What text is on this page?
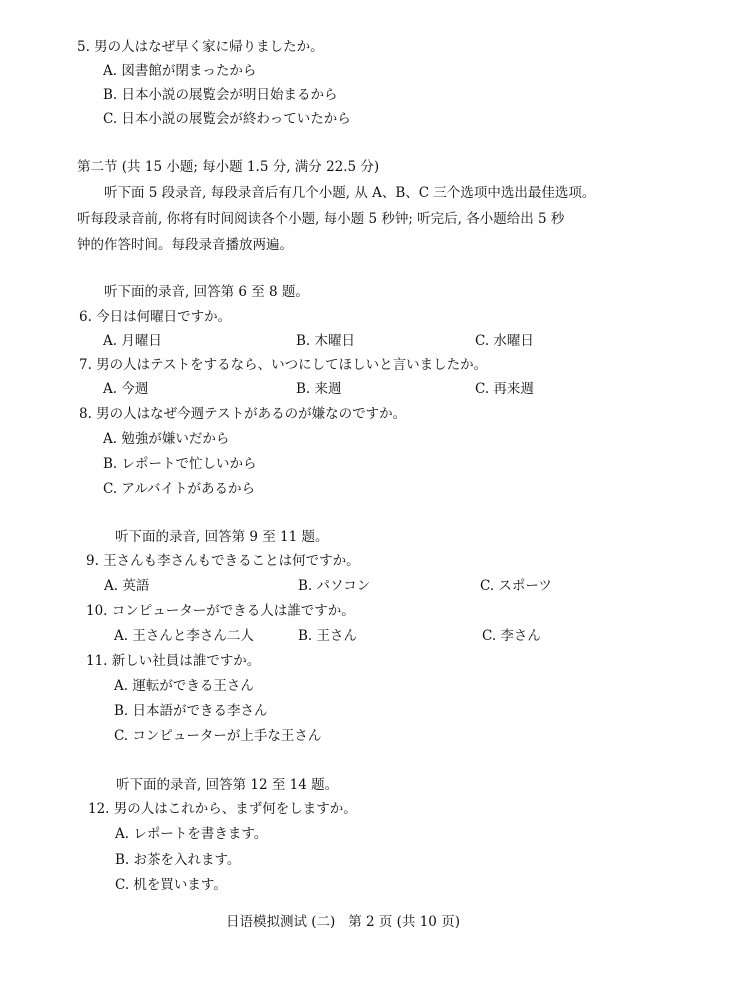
5. 男の人はなぜ早く家に帰りましたか。
A. 図書館が閉まったから
B. 日本小説の展覧会が明日始まるから
C. 日本小説の展覧会が終わっていたから
第二节 (共 15 小题; 每小题 1.5 分, 满分 22.5 分)
听下面 5 段录音, 每段录音后有几个小题, 从 A、B、C 三个选项中选出最佳选项。
听每段录音前, 你将有时间阅读各个小题, 每小题 5 秒钟; 听完后, 各小题给出 5 秒
钟的作答时间。每段录音播放两遍。
听下面的录音, 回答第 6 至 8 题。
6. 今日は何曜日ですか。
A. 月曜日	B. 木曜日	C. 水曜日
7. 男の人はテストをするなら、いつにしてほしいと言いましたか。
A. 今週	B. 来週	C. 再来週
8. 男の人はなぜ今週テストがあるのが嫌なのですか。
A. 勉強が嫌いだから
B. レポートで忙しいから
C. アルバイトがあるから
听下面的录音, 回答第 9 至 11 题。
9. 王さんも李さんもできることは何ですか。
A. 英語	B. パソコン	C. スポーツ
10. コンピューターができる人は誰ですか。
A. 王さんと李さん二人	B. 王さん	C. 李さん
11. 新しい社員は誰ですか。
A. 運転ができる王さん
B. 日本語ができる李さん
C. コンピューターが上手な王さん
听下面的录音, 回答第 12 至 14 题。
12. 男の人はこれから、まず何をしますか。
A. レポートを書きます。
B. お茶を入れます。
C. 机を買います。
日语模拟测试 (二)   第 2 页 (共 10 页)
